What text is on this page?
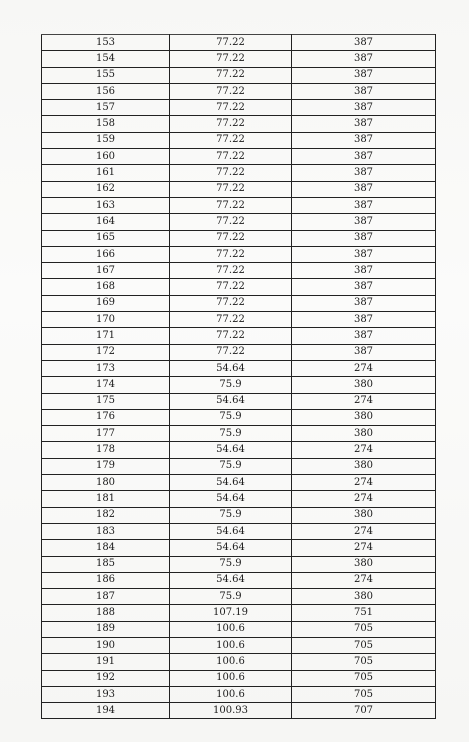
153	77.22	387
154	77.22	387
155	77.22	387
156	77.22	387
157	77.22	387
158	77.22	387
159	77.22	387
160	77.22	387
161	77.22	387
162	77.22	387
163	77.22	387
164	77.22	387
165	77.22	387
166	77.22	387
167	77.22	387
168	77.22	387
169	77.22	387
170	77.22	387
171	77.22	387
172	77.22	387
173	54.64	274
174	75.9	380
175	54.64	274
176	75.9	380
177	75.9	380
178	54.64	274
179	75.9	380
180	54.64	274
181	54.64	274
182	75.9	380
183	54.64	274
184	54.64	274
185	75.9	380
186	54.64	274
187	75.9	380
188	107.19	751
189	100.6	705
190	100.6	705
191	100.6	705
192	100.6	705
193	100.6	705
194	100.93	707
